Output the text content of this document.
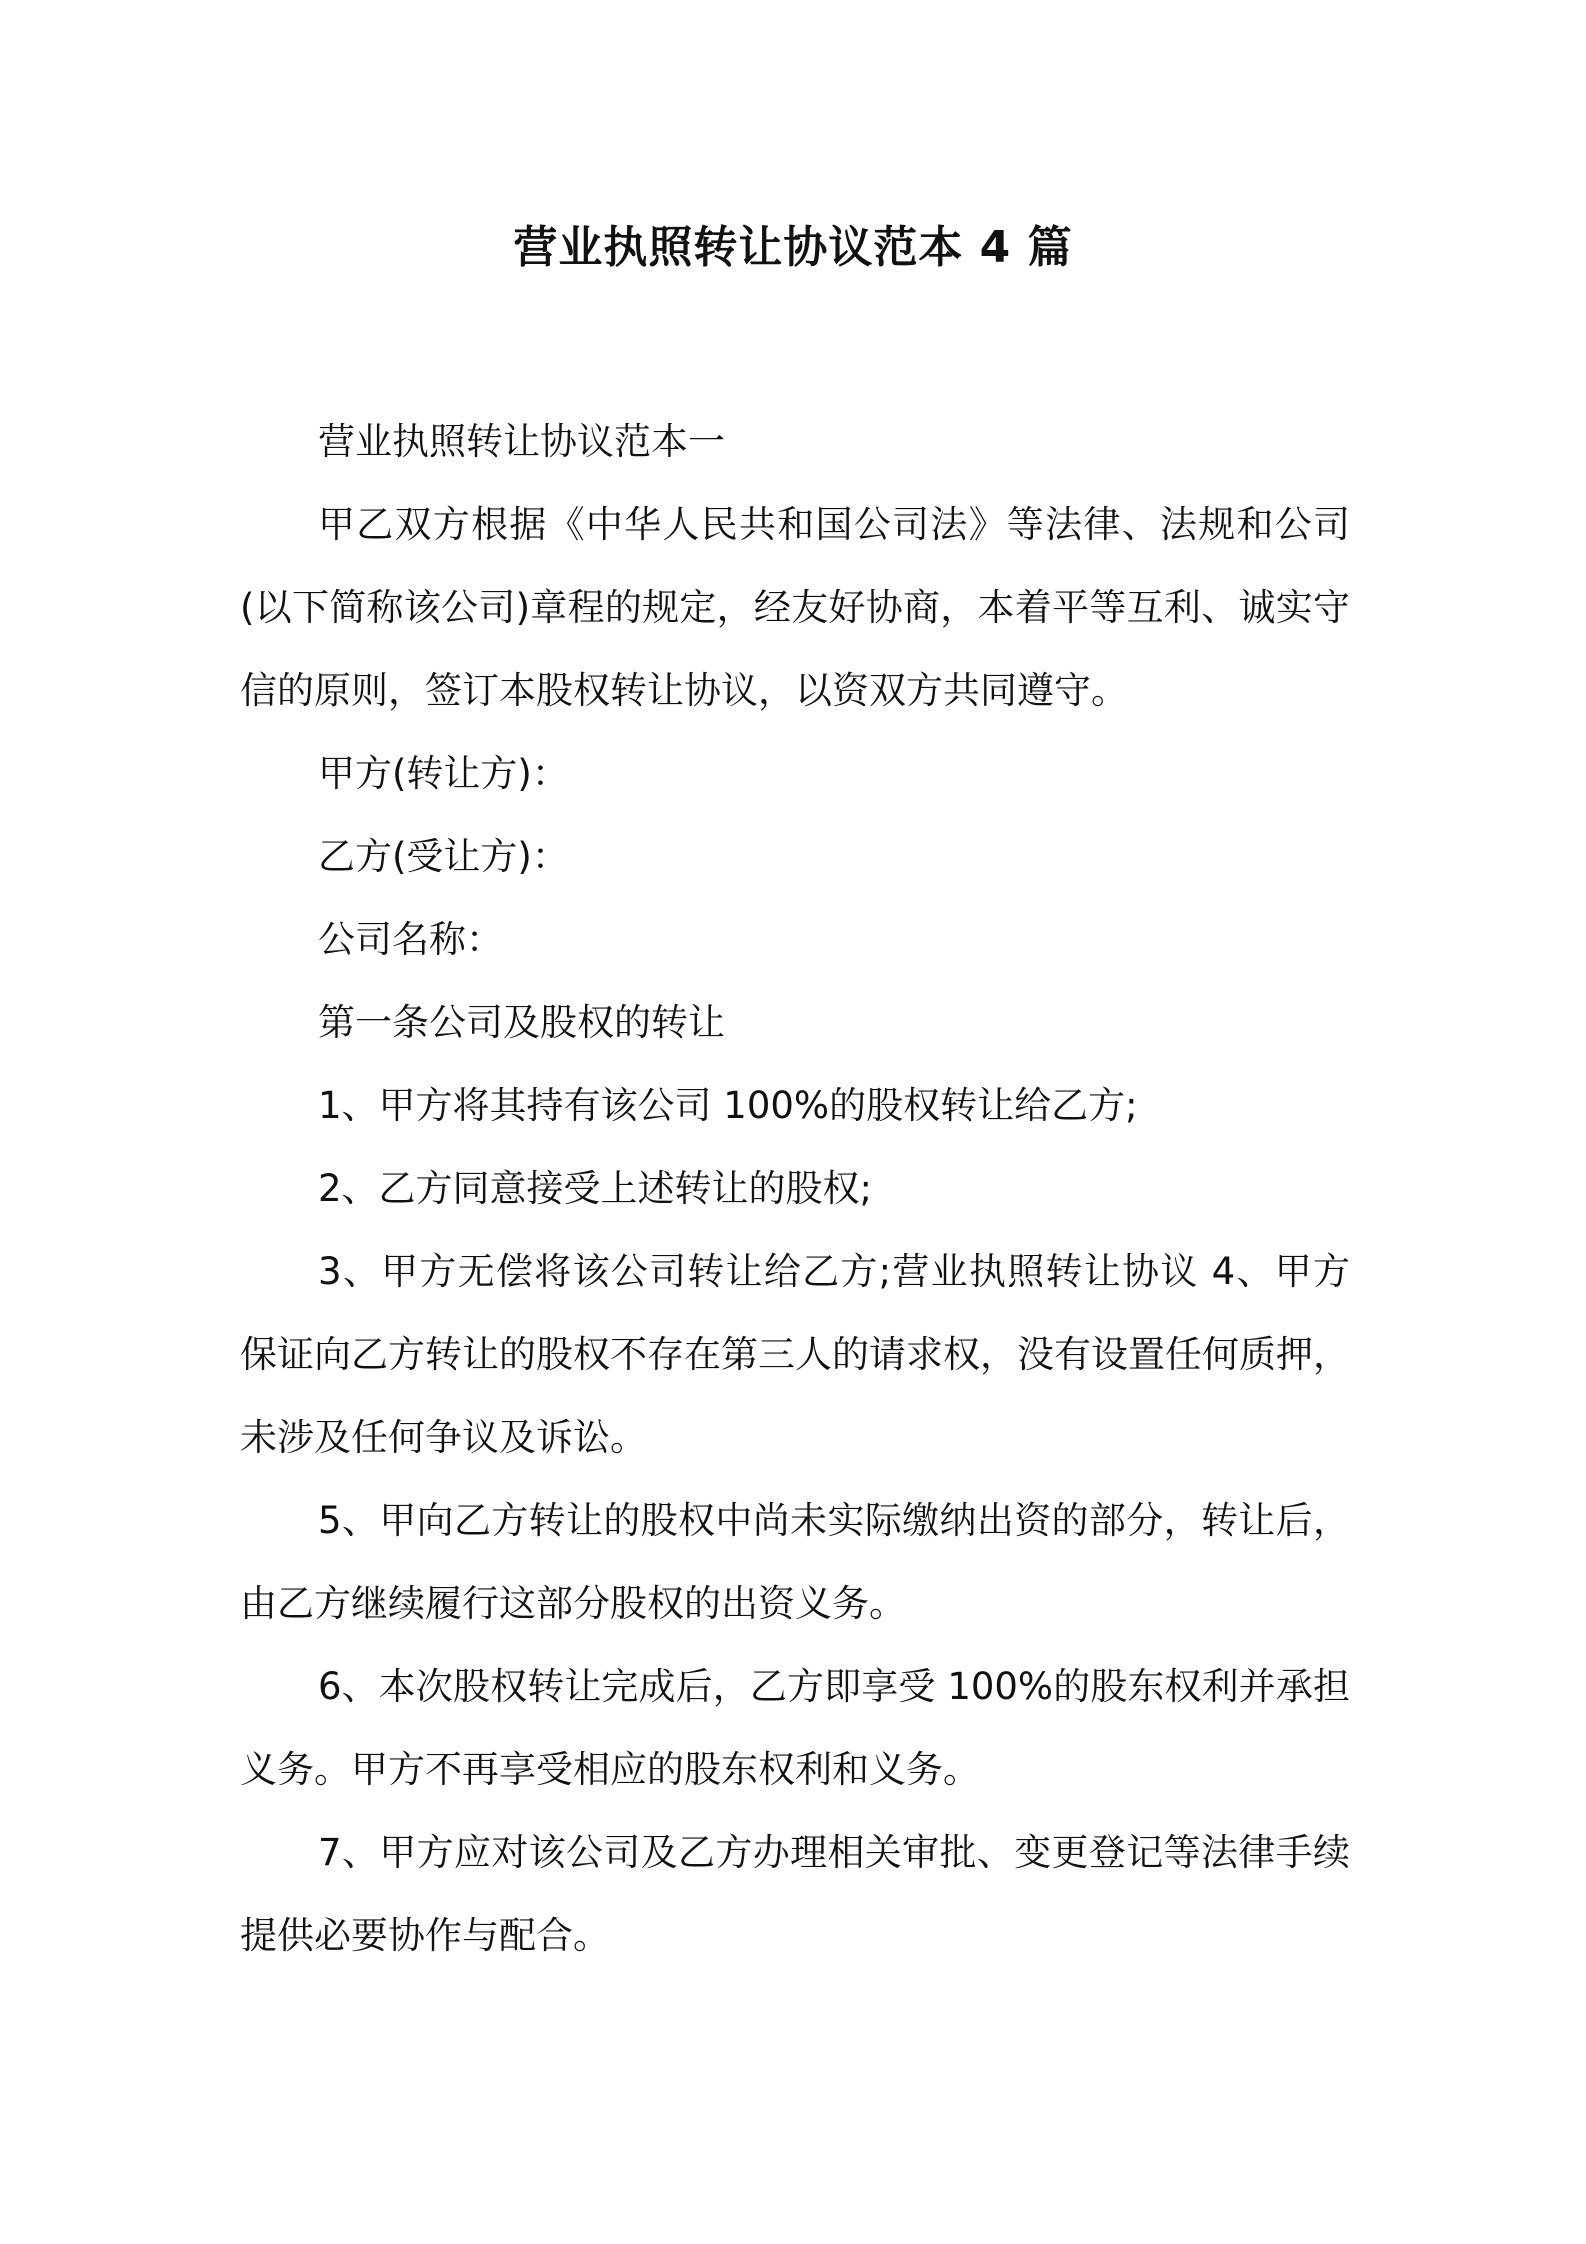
营业执照转让协议范本 4 篇

营业执照转让协议范本一

甲乙双方根据《中华人民共和国公司法》等法律、法规和公司(以下简称该公司)章程的规定，经友好协商，本着平等互利、诚实守信的原则，签订本股权转让协议，以资双方共同遵守。

甲方(转让方)：

乙方(受让方)：

公司名称：

第一条公司及股权的转让

1、甲方将其持有该公司 100%的股权转让给乙方;

2、乙方同意接受上述转让的股权;

3、甲方无偿将该公司转让给乙方;营业执照转让协议 4、甲方保证向乙方转让的股权不存在第三人的请求权，没有设置任何质押，未涉及任何争议及诉讼。

5、甲向乙方转让的股权中尚未实际缴纳出资的部分，转让后，由乙方继续履行这部分股权的出资义务。

6、本次股权转让完成后，乙方即享受 100%的股东权利并承担义务。甲方不再享受相应的股东权利和义务。

7、甲方应对该公司及乙方办理相关审批、变更登记等法律手续提供必要协作与配合。
